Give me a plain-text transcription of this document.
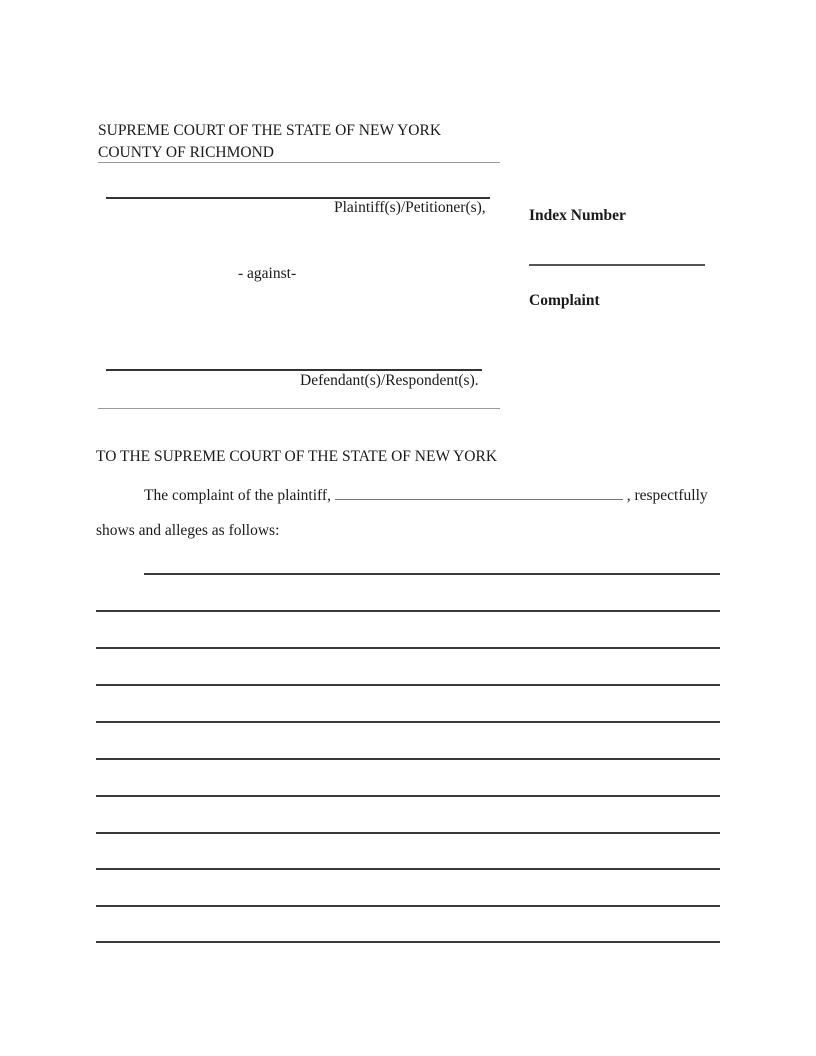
SUPREME COURT OF THE STATE OF NEW YORK
COUNTY OF RICHMOND
Plaintiff(s)/Petitioner(s),
- against-
Defendant(s)/Respondent(s).
Index Number
Complaint
TO THE SUPREME COURT OF THE STATE OF NEW YORK
The complaint of the plaintiff,	, respectfully
shows and alleges as follows:
